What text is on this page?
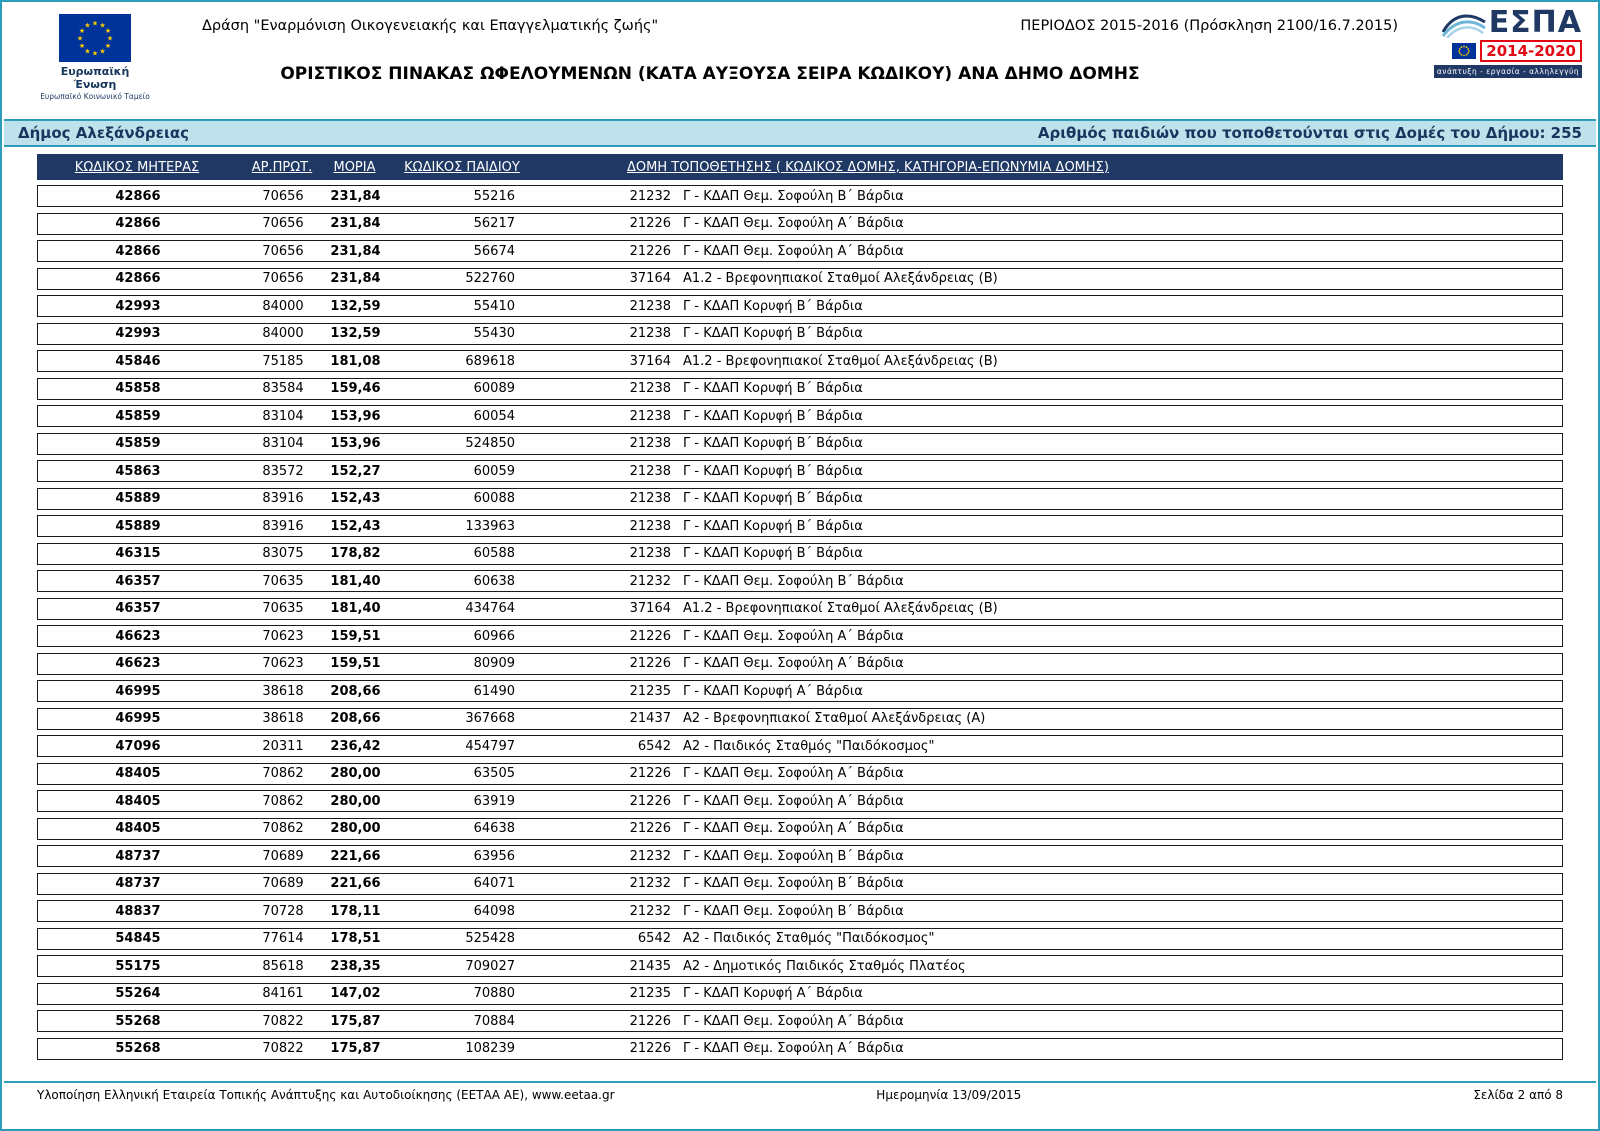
★ ★
★
★
★
★
★
★
★
★
★
★
Ευρωπαϊκή Ένωση
Ευρωπαϊκό Κοινωνικό Ταμείο
Δράση "Εναρμόνιση Οικογενειακής και Επαγγελματικής ζωής"
ΟΡΙΣΤΙΚΟΣ ΠΙΝΑΚΑΣ ΩΦΕΛΟΥΜΕΝΩΝ (ΚΑΤΑ ΑΥΞΟΥΣΑ ΣΕΙΡΑ ΚΩΔΙΚΟΥ) ΑΝΑ ΔΗΜΟ ΔΟΜΗΣ
ΠΕΡΙΟΔΟΣ 2015-2016 (Πρόσκληση 2100/16.7.2015)	ΕΣΠΑ
2014-2020
ανάπτυξη - εργασία - αλληλεγγύη
Δήμος Αλεξάνδρειας	Αριθμός παιδιών που τοποθετούνται στις Δομές του Δήμου: 255
ΚΩΔΙΚΟΣ ΜΗΤΕΡΑΣ	ΑΡ.ΠΡΩΤ.	ΜΟΡΙΑ	ΚΩΔΙΚΟΣ ΠΑΙΔΙΟΥ	ΔΟΜΗ ΤΟΠΟΘΕΤΗΣΗΣ ( ΚΩΔΙΚΟΣ ΔΟΜΗΣ, ΚΑΤΗΓΟΡΙΑ-ΕΠΩΝΥΜΙΑ ΔΟΜΗΣ)
42866	70656	231,84	55216	21232 Γ - ΚΔΑΠ Θεμ. Σοφούλη Β΄ Βάρδια
42866	70656	231,84	56217	21226 Γ - ΚΔΑΠ Θεμ. Σοφούλη Α΄ Βάρδια
42866	70656	231,84	56674	21226 Γ - ΚΔΑΠ Θεμ. Σοφούλη Α΄ Βάρδια
42866	70656	231,84	522760	37164 Α1.2 - Βρεφονηπιακοί Σταθμοί Αλεξάνδρειας (Β)
42993	84000	132,59	55410	21238 Γ - ΚΔΑΠ Κορυφή Β΄ Βάρδια
42993	84000	132,59	55430	21238 Γ - ΚΔΑΠ Κορυφή Β΄ Βάρδια
45846	75185	181,08	689618	37164 Α1.2 - Βρεφονηπιακοί Σταθμοί Αλεξάνδρειας (Β)
45858	83584	159,46	60089	21238 Γ - ΚΔΑΠ Κορυφή Β΄ Βάρδια
45859	83104	153,96	60054	21238 Γ - ΚΔΑΠ Κορυφή Β΄ Βάρδια
45859	83104	153,96	524850	21238 Γ - ΚΔΑΠ Κορυφή Β΄ Βάρδια
45863	83572	152,27	60059	21238 Γ - ΚΔΑΠ Κορυφή Β΄ Βάρδια
45889	83916	152,43	60088	21238 Γ - ΚΔΑΠ Κορυφή Β΄ Βάρδια
45889	83916	152,43	133963	21238 Γ - ΚΔΑΠ Κορυφή Β΄ Βάρδια
46315	83075	178,82	60588	21238 Γ - ΚΔΑΠ Κορυφή Β΄ Βάρδια
46357	70635	181,40	60638	21232 Γ - ΚΔΑΠ Θεμ. Σοφούλη Β΄ Βάρδια
46357	70635	181,40	434764	37164 Α1.2 - Βρεφονηπιακοί Σταθμοί Αλεξάνδρειας (Β)
46623	70623	159,51	60966	21226 Γ - ΚΔΑΠ Θεμ. Σοφούλη Α΄ Βάρδια
46623	70623	159,51	80909	21226 Γ - ΚΔΑΠ Θεμ. Σοφούλη Α΄ Βάρδια
46995	38618	208,66	61490	21235 Γ - ΚΔΑΠ Κορυφή Α΄ Βάρδια
46995	38618	208,66	367668	21437 Α2 - Βρεφονηπιακοί Σταθμοί Αλεξάνδρειας (Α)
47096	20311	236,42	454797	6542 Α2 - Παιδικός Σταθμός "Παιδόκοσμος"
48405	70862	280,00	63505	21226 Γ - ΚΔΑΠ Θεμ. Σοφούλη Α΄ Βάρδια
48405	70862	280,00	63919	21226 Γ - ΚΔΑΠ Θεμ. Σοφούλη Α΄ Βάρδια
48405	70862	280,00	64638	21226 Γ - ΚΔΑΠ Θεμ. Σοφούλη Α΄ Βάρδια
48737	70689	221,66	63956	21232 Γ - ΚΔΑΠ Θεμ. Σοφούλη Β΄ Βάρδια
48737	70689	221,66	64071	21232 Γ - ΚΔΑΠ Θεμ. Σοφούλη Β΄ Βάρδια
48837	70728	178,11	64098	21232 Γ - ΚΔΑΠ Θεμ. Σοφούλη Β΄ Βάρδια
54845	77614	178,51	525428	6542 Α2 - Παιδικός Σταθμός "Παιδόκοσμος"
55175	85618	238,35	709027	21435 Α2 - Δημοτικός Παιδικός Σταθμός Πλατέος
55264	84161	147,02	70880	21235 Γ - ΚΔΑΠ Κορυφή Α΄ Βάρδια
55268	70822	175,87	70884	21226 Γ - ΚΔΑΠ Θεμ. Σοφούλη Α΄ Βάρδια
55268	70822	175,87	108239	21226 Γ - ΚΔΑΠ Θεμ. Σοφούλη Α΄ Βάρδια
Υλοποίηση Ελληνική Εταιρεία Τοπικής Ανάπτυξης και Αυτοδιοίκησης (ΕΕΤΑΑ ΑΕ), www.eetaa.gr	Ημερομηνία 13/09/2015	Σελίδα 2 από 8
